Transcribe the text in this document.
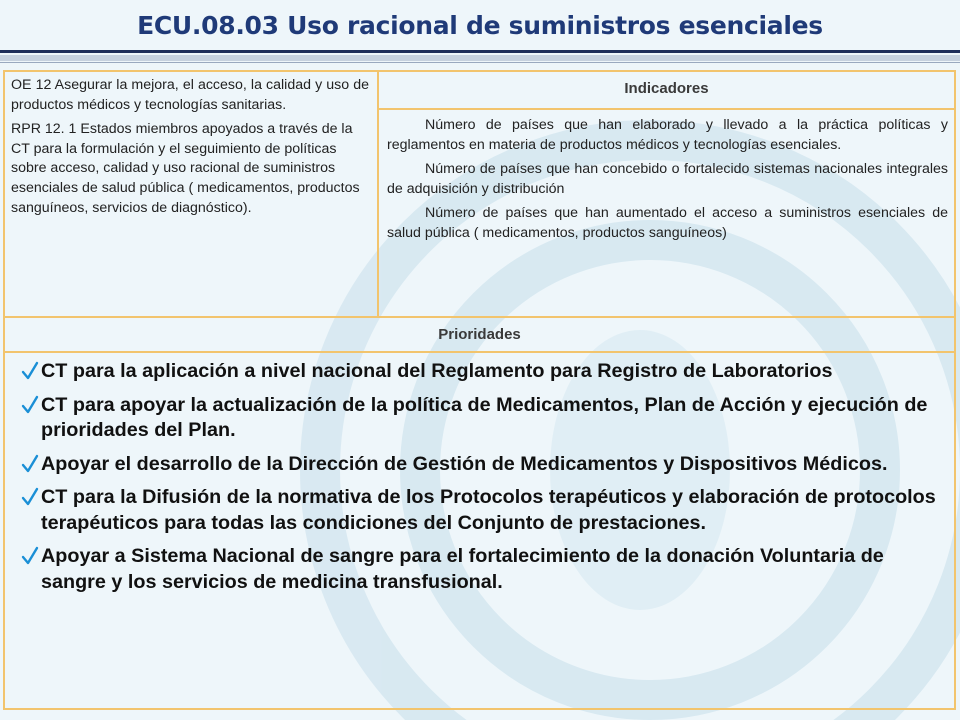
ECU.08.03 Uso racional de suministros esenciales

OE 12 Asegurar la mejora, el acceso, la calidad y uso de productos médicos y tecnologías sanitarias.

RPR 12. 1 Estados miembros apoyados a través de la CT para la formulación y el seguimiento de políticas sobre acceso, calidad y uso racional de suministros esenciales de salud pública ( medicamentos, productos sanguíneos, servicios de diagnóstico).

Indicadores

Número de países que han elaborado y llevado a la práctica políticas y reglamentos en materia de productos médicos y tecnologías esenciales.

Número de países que han concebido o fortalecido sistemas nacionales integrales de adquisición y distribución

Número de países que han aumentado el acceso a suministros esenciales de salud pública ( medicamentos, productos sanguíneos)

Prioridades
CT para la aplicación a nivel nacional del Reglamento para Registro de Laboratorios
CT para apoyar la actualización de la política de Medicamentos, Plan de Acción y ejecución de prioridades del Plan.
Apoyar el desarrollo de la Dirección de Gestión de Medicamentos y Dispositivos Médicos.
CT para la Difusión de la normativa de los Protocolos terapéuticos y elaboración de protocolos terapéuticos para todas las condiciones del Conjunto de prestaciones.
Apoyar a Sistema Nacional de sangre para el fortalecimiento de la donación Voluntaria de sangre y los servicios de medicina transfusional.
